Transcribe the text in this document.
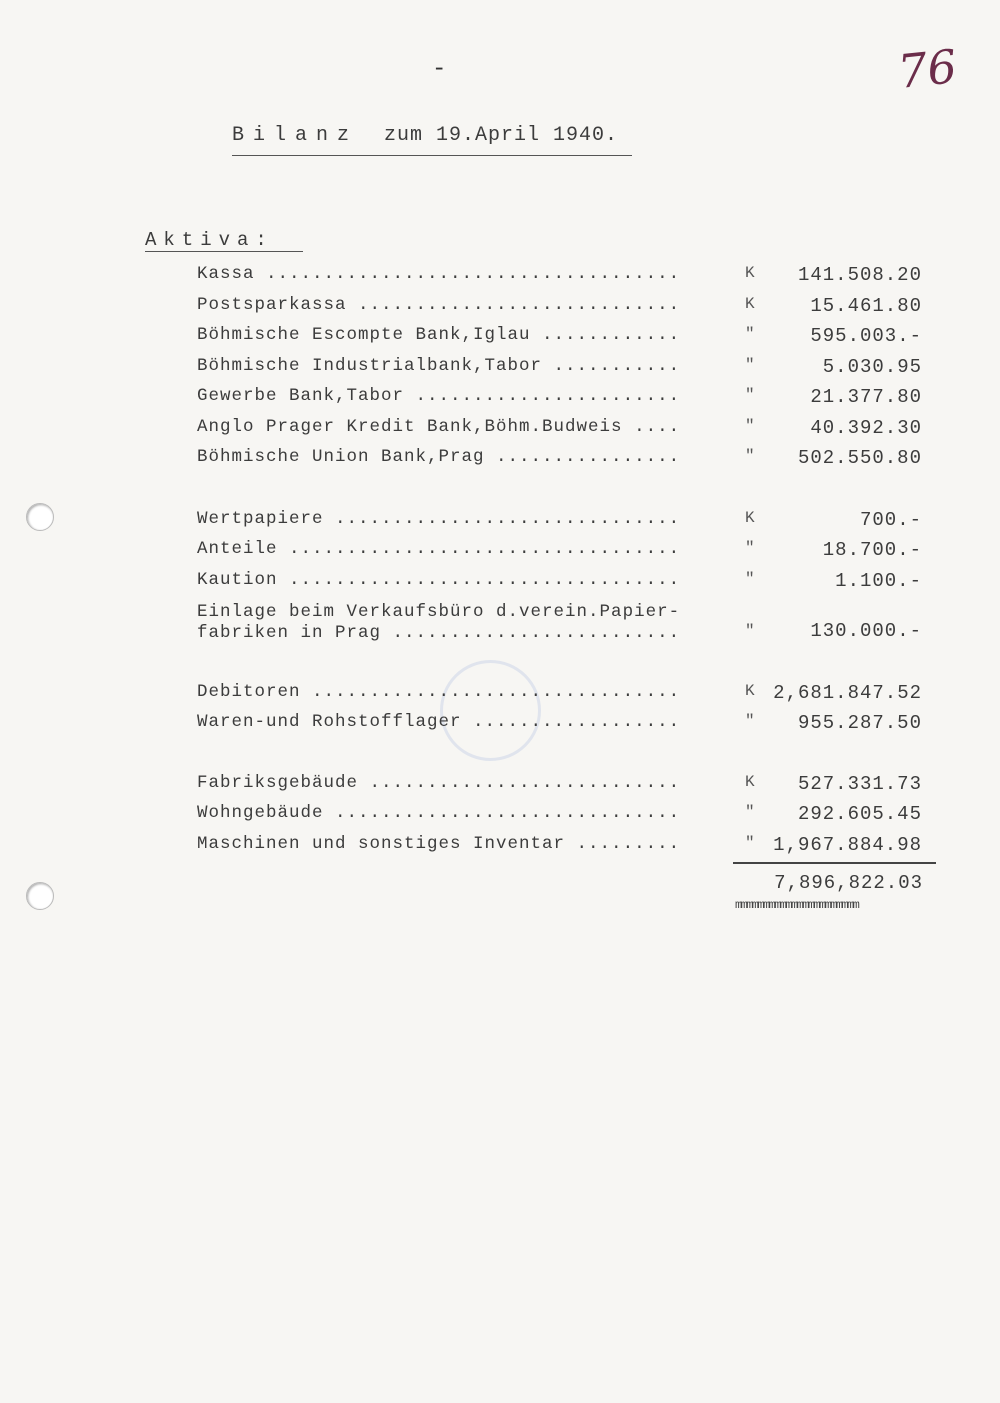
-	76
Bilanz zum 19.April 1940.
Aktiva:
Kassa ....................................	K	141.508.20
Postsparkassa ............................	K	15.461.80
Böhmische Escompte Bank,Iglau ............	"	595.003.-
Böhmische Industrialbank,Tabor ...........	"	5.030.95
Gewerbe Bank,Tabor .......................	"	21.377.80
Anglo Prager Kredit Bank,Böhm.Budweis ....	"	40.392.30
Böhmische Union Bank,Prag ................	"	502.550.80
Wertpapiere ..............................	K	700.-
Anteile ..................................	"	18.700.-
Kaution ..................................	"	1.100.-
Einlage beim Verkaufsbüro d.verein.Papier- fabriken in Prag .........................	"	130.000.-
Debitoren ................................	K 2,681.847.52
Waren-und Rohstofflager ..................	"	955.287.50
Fabriksgebäude ...........................	K	527.331.73
Wohngebäude ..............................	"	292.605.45
Maschinen und sonstiges Inventar .........	" 1,967.884.98
7,896,822.03
mmmmmmmmmmmmmmmmmmmmmm
